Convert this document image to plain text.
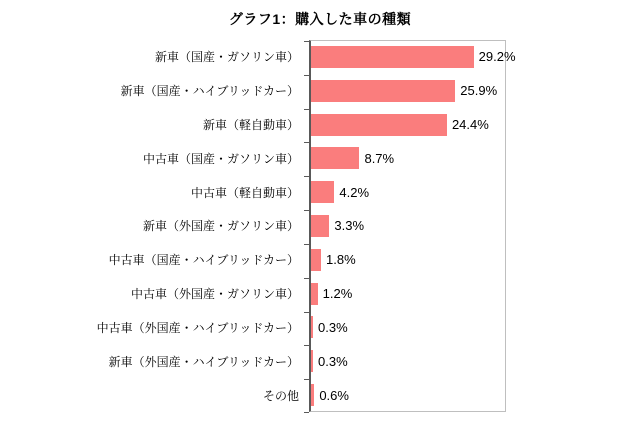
グラフ1：購入した車の種類
新車（国産・ガソリン車）	29.2%
新車（国産・ハイブリッドカー）	25.9%
新車（軽自動車）	24.4%
中古車（国産・ガソリン車）	8.7%
中古車（軽自動車）	4.2%
新車（外国産・ガソリン車）	3.3%
中古車（国産・ハイブリッドカー） 1.8%
中古車（外国産・ガソリン車） 1.2%
中古車（外国産・ハイブリッドカー） 0.3%
新車（外国産・ハイブリッドカー） 0.3%
その他 0.6%
